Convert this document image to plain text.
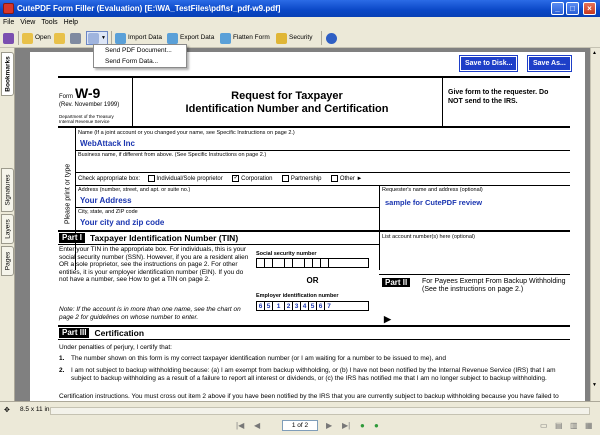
CutePDF Form Filler (Evaluation) [E:\WA_TestFiles\pdf\sf_pdf-w9.pdf]	_	□	×
File View Tools Help
Open	▼	Import Data	Export Data	Flatten Form	Security
Bookmarks
Signatures
Layers
Pages
Save to Disk...	Save As...
Form W-9
(Rev. November 1999)
Department of the Treasury
Internal Revenue Service
Request for Taxpayer
Identification Number and Certification
Give form to the requester. Do NOT send to the IRS.
Please print or type
Name (If a joint account or you changed your name, see Specific Instructions on page 2.)
WebAttack Inc
Business name, if different from above. (See Specific Instructions on page 2.)
Check appropriate box:	Individual/Sole proprietor ✓ Corporation	Partnership	Other ►
Address (number, street, and apt. or suite no.)
Your Address
Requester's name and address (optional)
sample for CutePDF review
City, state, and ZIP code
Your city and zip code
Part I Taxpayer Identification Number (TIN)	List account number(s) here (optional)
Enter your TIN in the appropriate box. For individuals, this is your social security number (SSN). However, if you are a resident alien OR a sole proprietor, see the instructions on page 2. For other entities, it is your employer identification number (EIN). If you do not have a number, see How to get a TIN on page 2.
Note: If the account is in more than one name, see the chart on page 2 for guidelines on whose number to enter.
Social security number
OR
Employer identification number
6 5 1 2 3 4 5 6 7
Part II	For Payees Exempt From Backup Withholding (See the instructions on page 2.)
▶
Part III Certification
Under penalties of perjury, I certify that:
1. The number shown on this form is my correct taxpayer identification number (or I am waiting for a number to be issued to me), and
2. I am not subject to backup withholding because: (a) I am exempt from backup withholding, or (b) I have not been notified by the Internal Revenue Service (IRS) that I am subject to backup withholding as a result of a failure to report all interest or dividends, or (c) the IRS has notified me that I am no longer subject to backup withholding.
Certification instructions. You must cross out item 2 above if you have been notified by the IRS that you are currently subject to backup withholding because you have failed to
Send PDF Document...
Send Form Data...
▲
▼
✥ 8.5 x 11 in
|◀ ◀	1 of 2	▶ ▶| ● ●	▭ ▤ ▥ ▦
